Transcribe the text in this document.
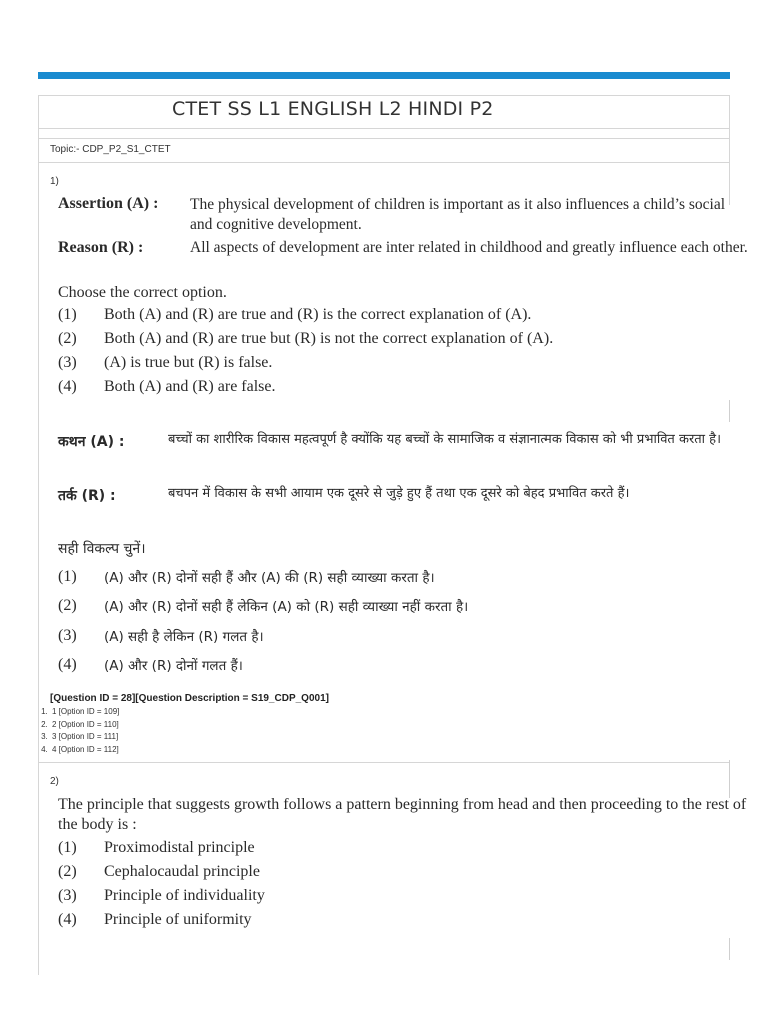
CTET SS L1 ENGLISH L2 HINDI P2
Topic:- CDP_P2_S1_CTET
1)
Assertion (A) : The physical development of children is important as it also influences a child’s social and cognitive development.
Reason (R) :	All aspects of development are inter related in childhood and greatly influence each other.
Choose the correct option.
(1) Both (A) and (R) are true and (R) is the correct explanation of (A).
(2) Both (A) and (R) are true but (R) is not the correct explanation of (A).
(3) (A) is true but (R) is false.
(4) Both (A) and (R) are false.
कथन (A) :	बच्चों का शारीरिक विकास महत्वपूर्ण है क्योंकि यह बच्चों के सामाजिक व संज्ञानात्मक विकास को भी प्रभावित करता है।
तर्क (R) :	बचपन में विकास के सभी आयाम एक दूसरे से जुड़े हुए हैं तथा एक दूसरे को बेहद प्रभावित करते हैं।
सही विकल्प चुनें।
(1) (A) और (R) दोनों सही हैं और (A) की (R) सही व्याख्या करता है।
(2) (A) और (R) दोनों सही हैं लेकिन (A) को (R) सही व्याख्या नहीं करता है।
(3) (A) सही है लेकिन (R) गलत है।
(4) (A) और (R) दोनों गलत हैं।
[Question ID = 28][Question Description = S19_CDP_Q001]
1. 1 [Option ID = 109]
2. 2 [Option ID = 110]
3. 3 [Option ID = 111]
4. 4 [Option ID = 112]
2)
The principle that suggests growth follows a pattern beginning from head and then proceeding to the rest of the body is :
(1) Proximodistal principle
(2) Cephalocaudal principle
(3) Principle of individuality
(4) Principle of uniformity
